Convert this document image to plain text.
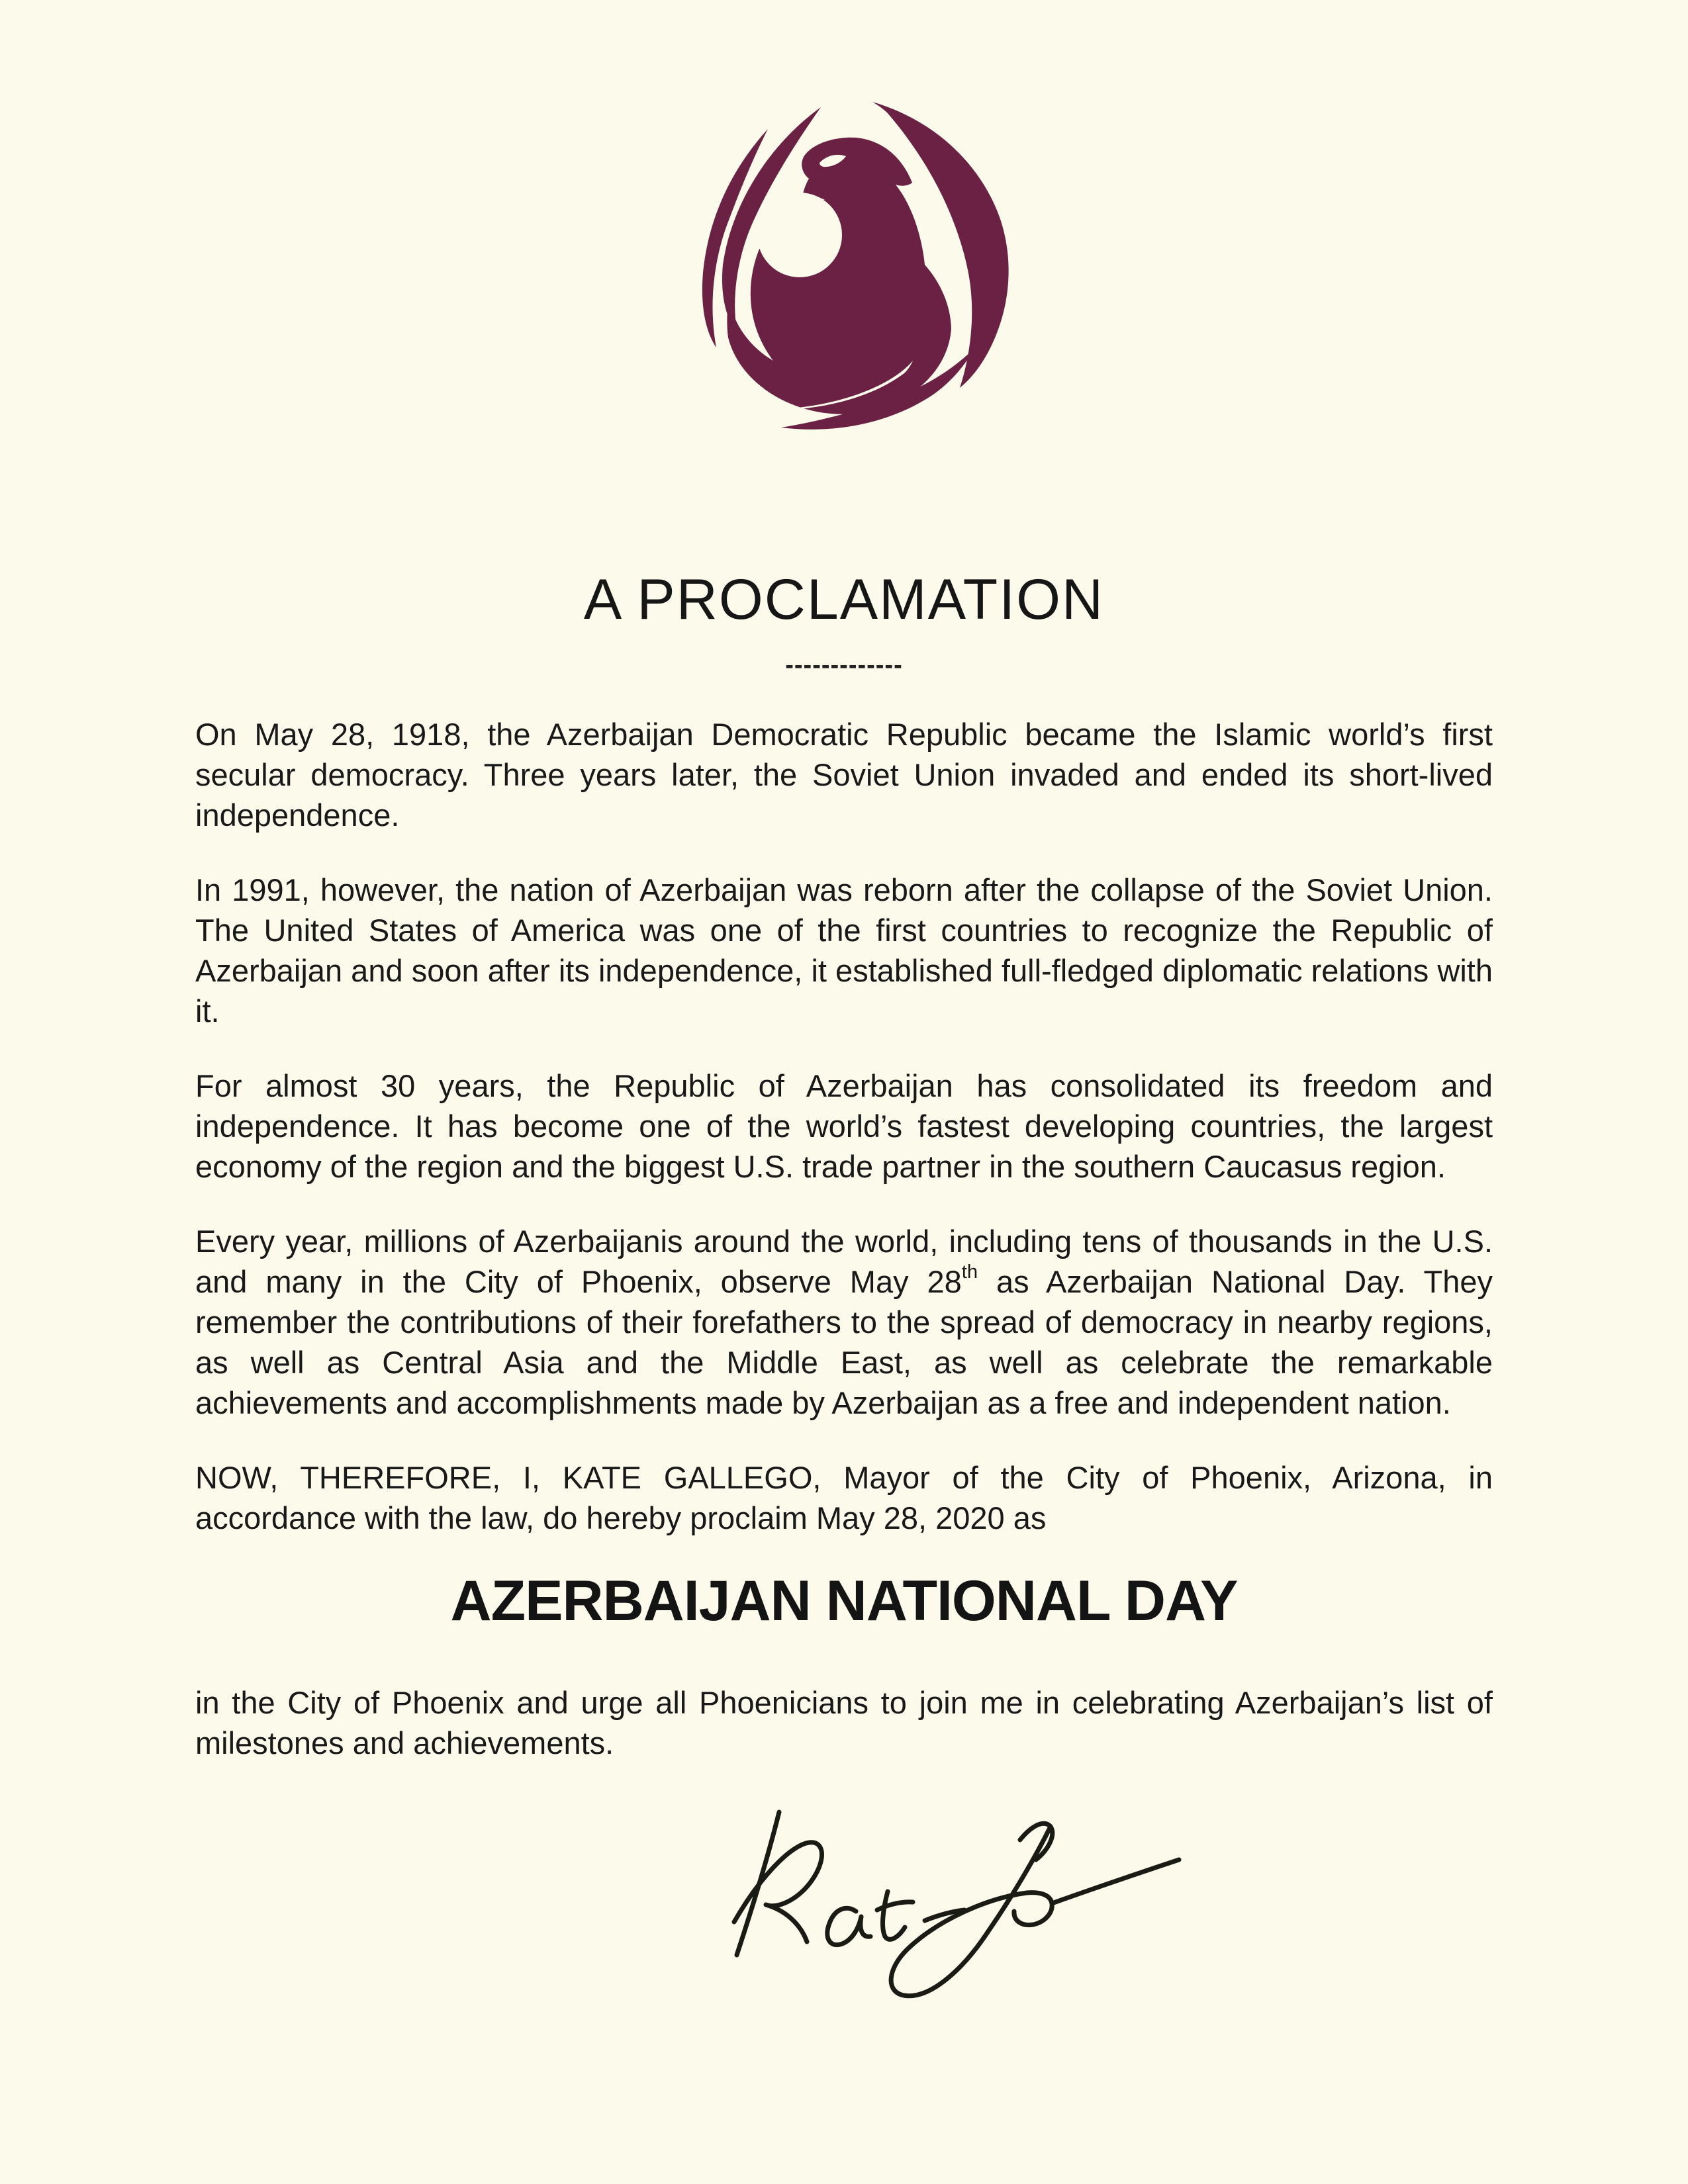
A PROCLAMATION
-------------

On May 28, 1918, the Azerbaijan Democratic Republic became the Islamic world’s first secular democracy. Three years later, the Soviet Union invaded and ended its short-lived independence.

In 1991, however, the nation of Azerbaijan was reborn after the collapse of the Soviet Union. The United States of America was one of the first countries to recognize the Republic of Azerbaijan and soon after its independence, it established full-fledged diplomatic relations with it.

For almost 30 years, the Republic of Azerbaijan has consolidated its freedom and independence. It has become one of the world’s fastest developing countries, the largest economy of the region and the biggest U.S. trade partner in the southern Caucasus region.

Every year, millions of Azerbaijanis around the world, including tens of thousands in the U.S. and many in the City of Phoenix, observe May 28th as Azerbaijan National Day. They remember the contributions of their forefathers to the spread of democracy in nearby regions, as well as Central Asia and the Middle East, as well as celebrate the remarkable achievements and accomplishments made by Azerbaijan as a free and independent nation.

NOW, THEREFORE, I, KATE GALLEGO, Mayor of the City of Phoenix, Arizona, in accordance with the law, do hereby proclaim May 28, 2020 as

AZERBAIJAN NATIONAL DAY

in the City of Phoenix and urge all Phoenicians to join me in celebrating Azerbaijan’s list of milestones and achievements.
